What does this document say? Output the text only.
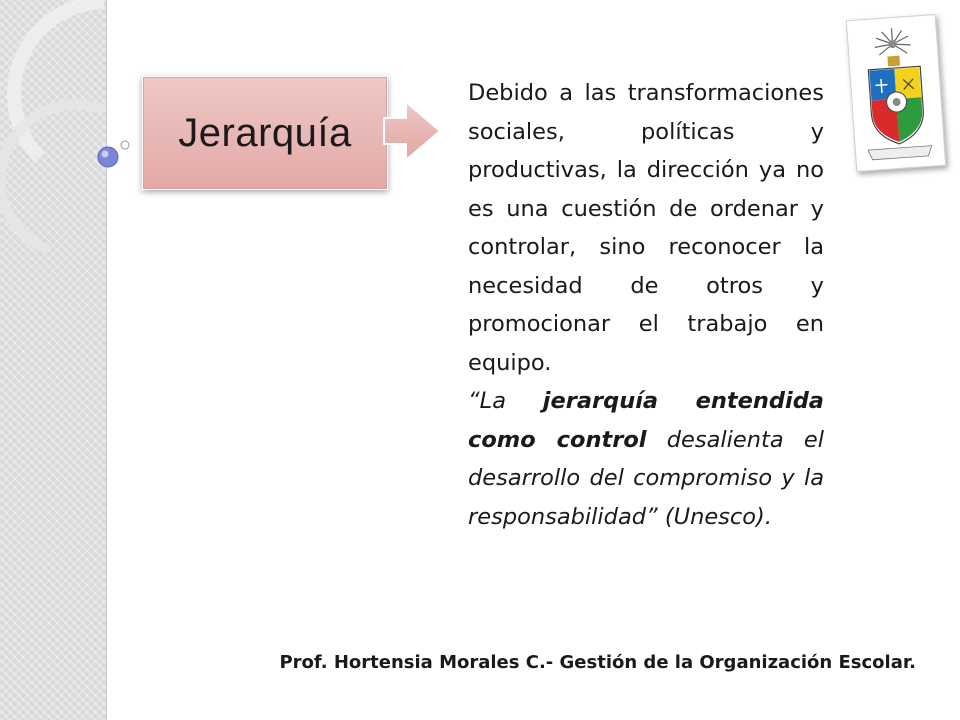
Jerarquía

Debido a las transformaciones sociales, políticas y productivas, la dirección ya no es una cuestión de ordenar y controlar, sino reconocer la necesidad de otros y promocionar el trabajo en equipo.

“La jerarquía entendida como control desalienta el desarrollo del compromiso y la responsabilidad” (Unesco).

Prof. Hortensia Morales C.- Gestión de la Organización Escolar.
